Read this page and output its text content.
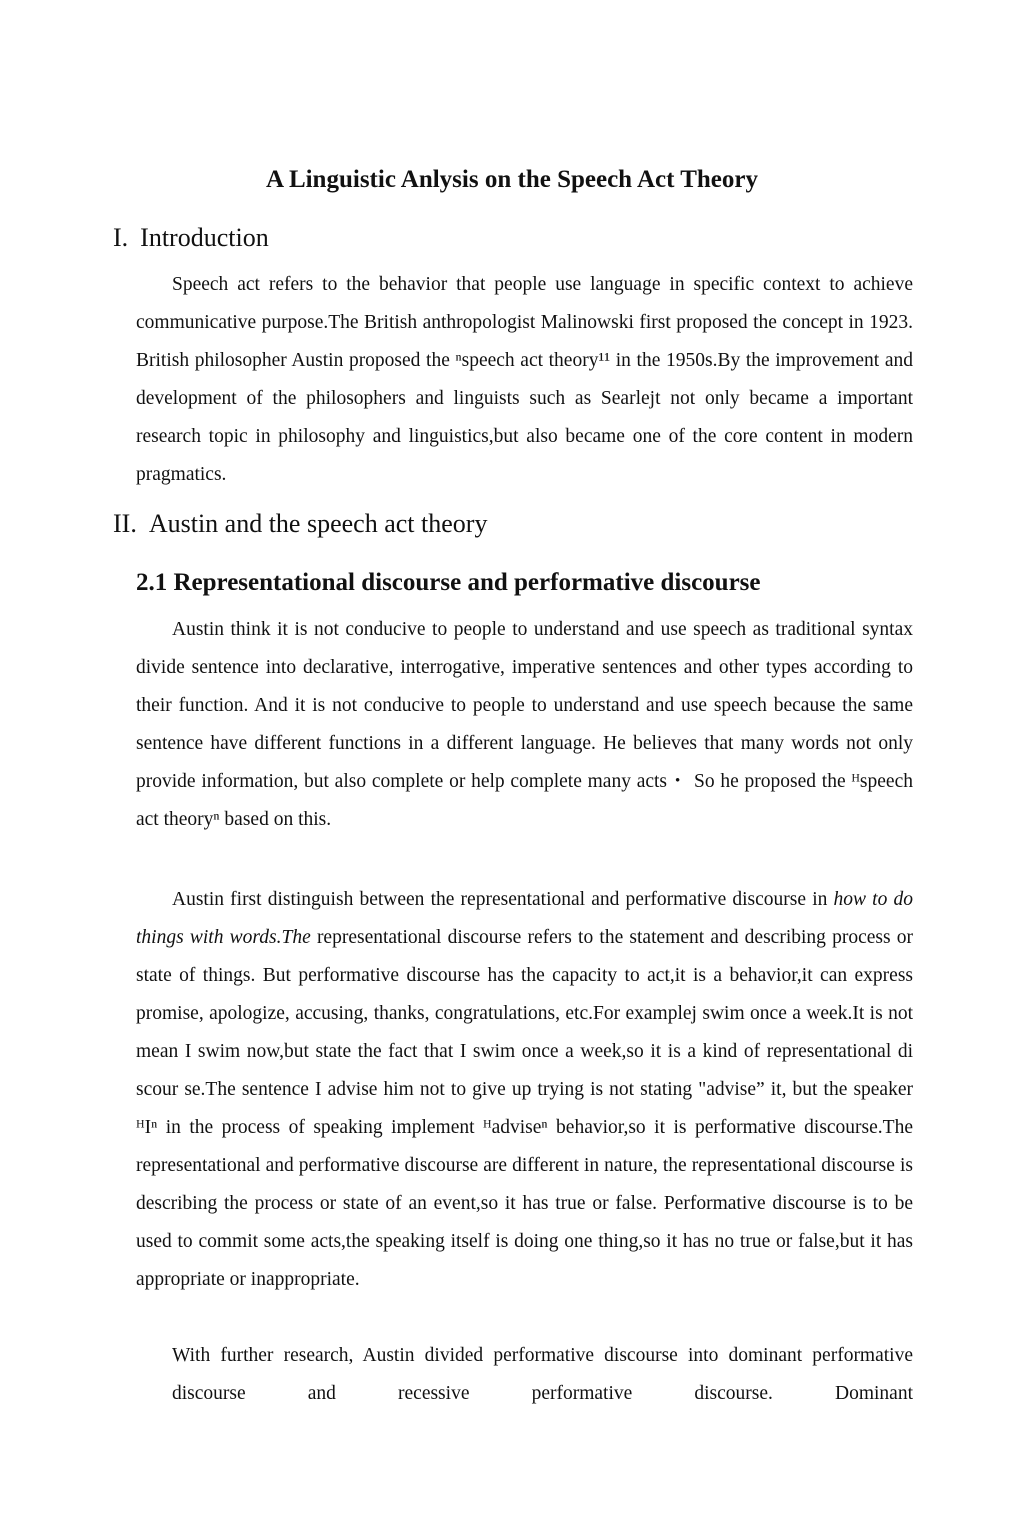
A Linguistic Anlysis on the Speech Act Theory
I. Introduction

Speech act refers to the behavior that people use language in specific context to achieve communicative purpose.The British anthropologist Malinowski first proposed the concept in 1923. British philosopher Austin proposed the ⁿspeech act theory¹¹ in the 1950s.By the improvement and development of the philosophers and linguists such as Searlejt not only became a important research topic in philosophy and linguistics,but also became one of the core content in modern pragmatics.

II. Austin and the speech act theory
2.1 Representational discourse and performative discourse

Austin think it is not conducive to people to understand and use speech as traditional syntax divide sentence into declarative, interrogative, imperative sentences and other types according to their function. And it is not conducive to people to understand and use speech because the same sentence have different functions in a different language. He believes that many words not only provide information, but also complete or help complete many acts・ So he proposed the ᴴspeech act theoryⁿ based on this.

Austin first distinguish between the representational and performative discourse in how to do things with words.The representational discourse refers to the statement and describing process or state of things. But performative discourse has the capacity to act,it is a behavior,it can express promise, apologize, accusing, thanks, congratulations, etc.For examplej swim once a week.It is not mean I swim now,but state the fact that I swim once a week,so it is a kind of representational di scour se.The sentence I advise him not to give up trying is not stating "advise” it, but the speaker ᴴIⁿ in the process of speaking implement ᴴadviseⁿ behavior,so it is performative discourse.The representational and performative discourse are different in nature, the representational discourse is describing the process or state of an event,so it has true or false. Performative discourse is to be used to commit some acts,the speaking itself is doing one thing,so it has no true or false,but it has appropriate or inappropriate.

With further research, Austin divided performative discourse into dominant performative discourse and recessive performative discourse. Dominant
